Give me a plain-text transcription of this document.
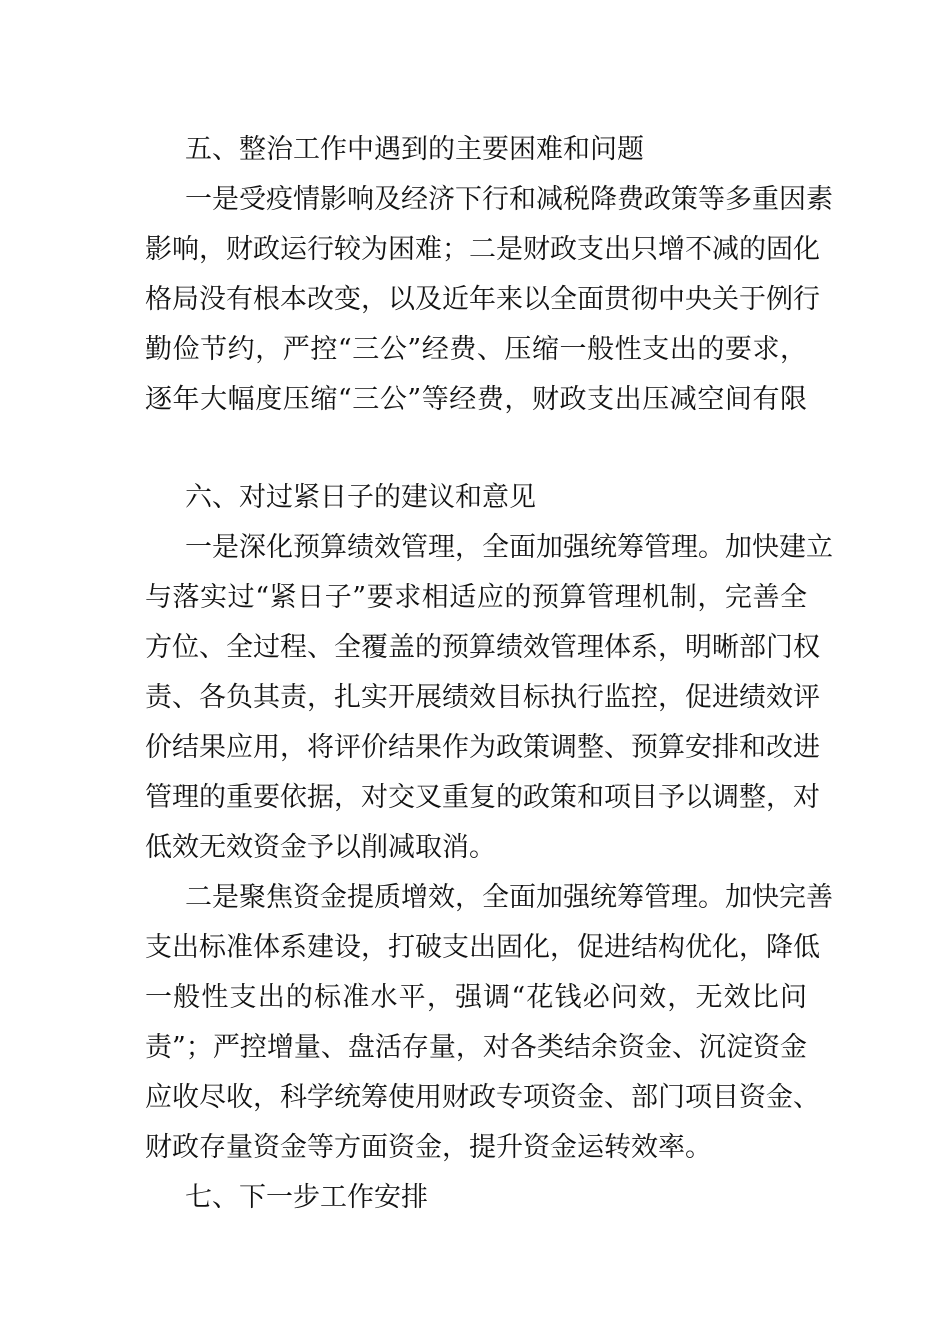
五、整治工作中遇到的主要困难和问题
一是受疫情影响及经济下行和减税降费政策等多重因素
影响，财政运行较为困难；二是财政支出只增不减的固化
格局没有根本改变，以及近年来以全面贯彻中央关于例行
勤俭节约，严控“三公”经费、压缩一般性支出的要求，
逐年大幅度压缩“三公”等经费，财政支出压减空间有限
六、对过紧日子的建议和意见
一是深化预算绩效管理，全面加强统筹管理。加快建立
与落实过“紧日子”要求相适应的预算管理机制，完善全
方位、全过程、全覆盖的预算绩效管理体系，明晰部门权
责、各负其责，扎实开展绩效目标执行监控，促进绩效评
价结果应用，将评价结果作为政策调整、预算安排和改进
管理的重要依据，对交叉重复的政策和项目予以调整，对
低效无效资金予以削减取消。
二是聚焦资金提质增效，全面加强统筹管理。加快完善
支出标准体系建设，打破支出固化，促进结构优化，降低
一般性支出的标准水平，强调“花钱必问效，无效比问
责”；严控增量、盘活存量，对各类结余资金、沉淀资金
应收尽收，科学统筹使用财政专项资金、部门项目资金、
财政存量资金等方面资金，提升资金运转效率。
七、下一步工作安排
